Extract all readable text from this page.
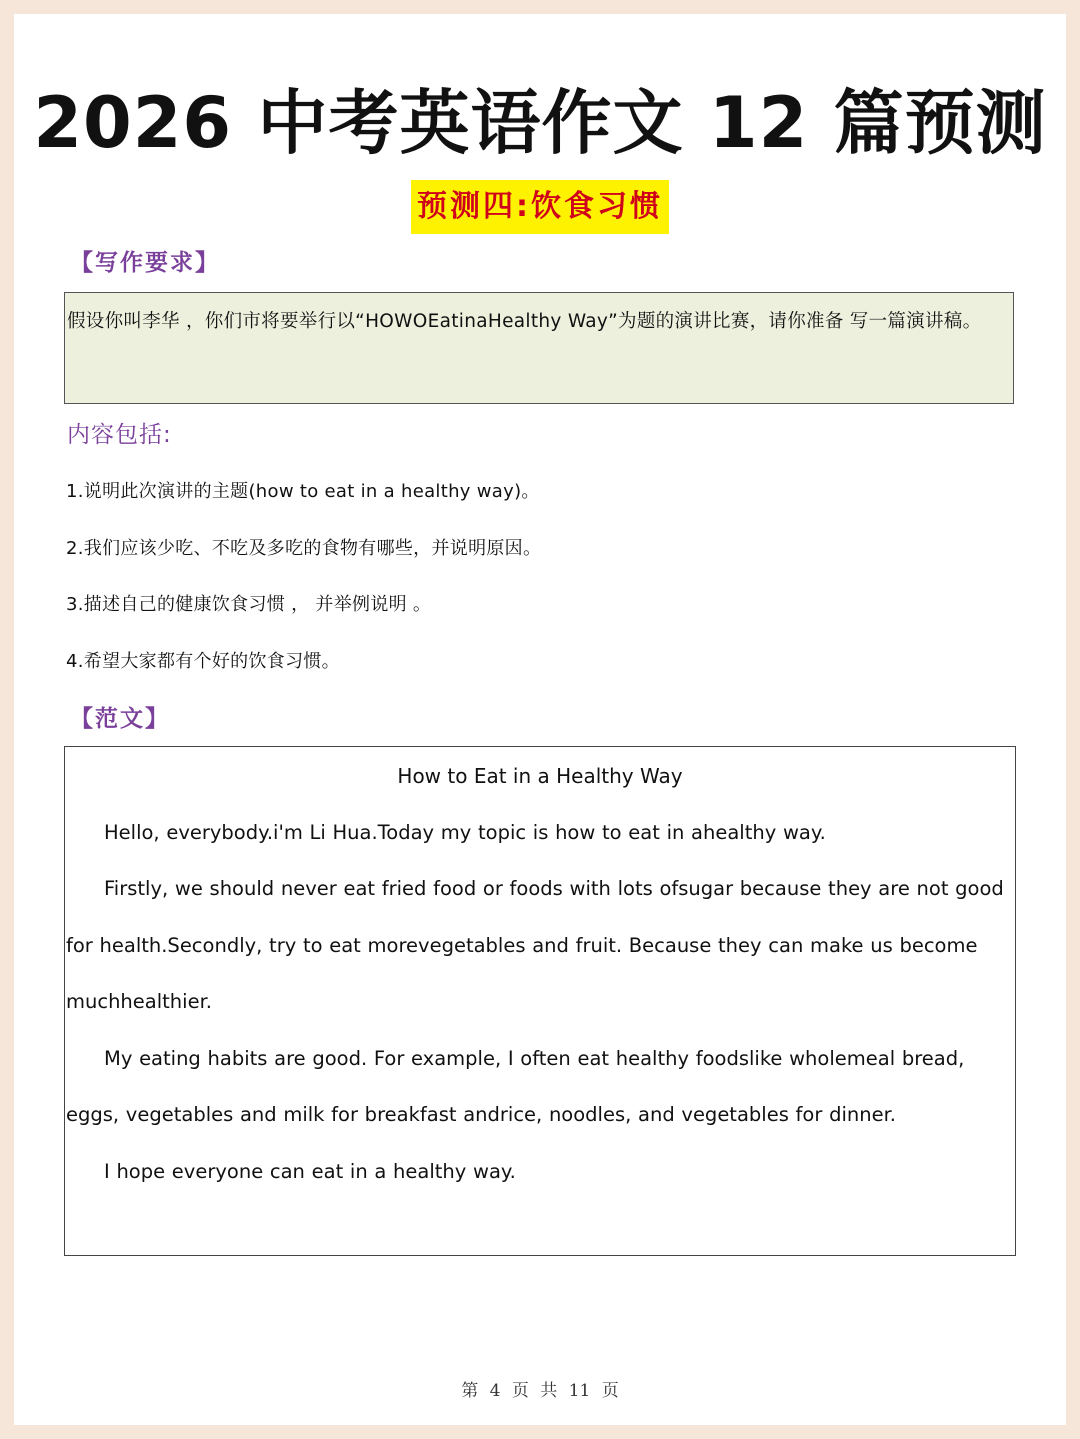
2026 中考英语作文 12 篇预测
预测四:饮食习惯
【写作要求】

假设你叫李华 ，你们市将要举行以“HOWOEatinaHealthy Way”为题的演讲比赛，请你准备 写一篇演讲稿。

内容包括:
1.说明此次演讲的主题(how to eat in a healthy way)。
2.我们应该少吃、不吃及多吃的食物有哪些，并说明原因。
3.描述自己的健康饮食习惯 ， 并举例说明 。
4.希望大家都有个好的饮食习惯。
【范文】
How to Eat in a Healthy Way

Hello, everybody.i'm Li Hua.Today my topic is how to eat in ahealthy way.

Firstly, we should never eat fried food or foods with lots ofsugar because they are not good for health.Secondly, try to eat morevegetables and fruit. Because they can make us become muchhealthier.

My eating habits are good. For example, I often eat healthy foodslike wholemeal bread, eggs, vegetables and milk for breakfast andrice, noodles, and vegetables for dinner.

I hope everyone can eat in a healthy way.

第 4 页 共 11 页
